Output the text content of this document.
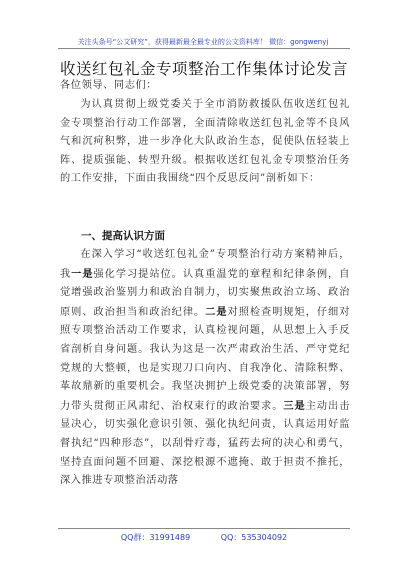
关注头条号“公文研究”，获得最新最全最专业的公文资料库！ 微信：gongwenyj
收送红包礼金专项整治工作集体讨论发言
各位领导、同志们：
为认真贯彻上级党委关于全市消防救援队伍收送红包礼金专项整治行动工作部署，全面清除收送红包礼金等不良风气和沉疴积弊，进一步净化大队政治生态，促使队伍轻装上阵、提质强能、转型升级。根据收送红包礼金专项整治任务的工作安排，下面由我围绕“四个反思反问”剖析如下：
一、提高认识方面
在深入学习“收送红包礼金”专项整治行动方案精神后，我一是强化学习提站位。认真重温党的章程和纪律条例，自觉增强政治鉴别力和政治自制力，切实聚焦政治立场、政治原则、政治担当和政治纪律。二是对照检查明规矩，仔细对照专项整治活动工作要求，认真检视问题，从思想上入手反省剖析自身问题。我认为这是一次严肃政治生活、严守党纪党规的大整顿，也是实现刀口向内、自我净化、清除积弊、革故鼎新的重要机会。我坚决拥护上级党委的决策部署，努力带头贯彻正风肃纪、治权束行的政治要求。三是主动出击显决心，切实强化意识引领、强化执纪问责，认真运用好监督执纪“四种形态”，以刮骨疗毒，猛药去疴的决心和勇气，坚持直面问题不回避、深挖根源不遮掩、敢于担责不推托，深入推进专项整治活动落
QQ群：31991489	QQ：535304092
